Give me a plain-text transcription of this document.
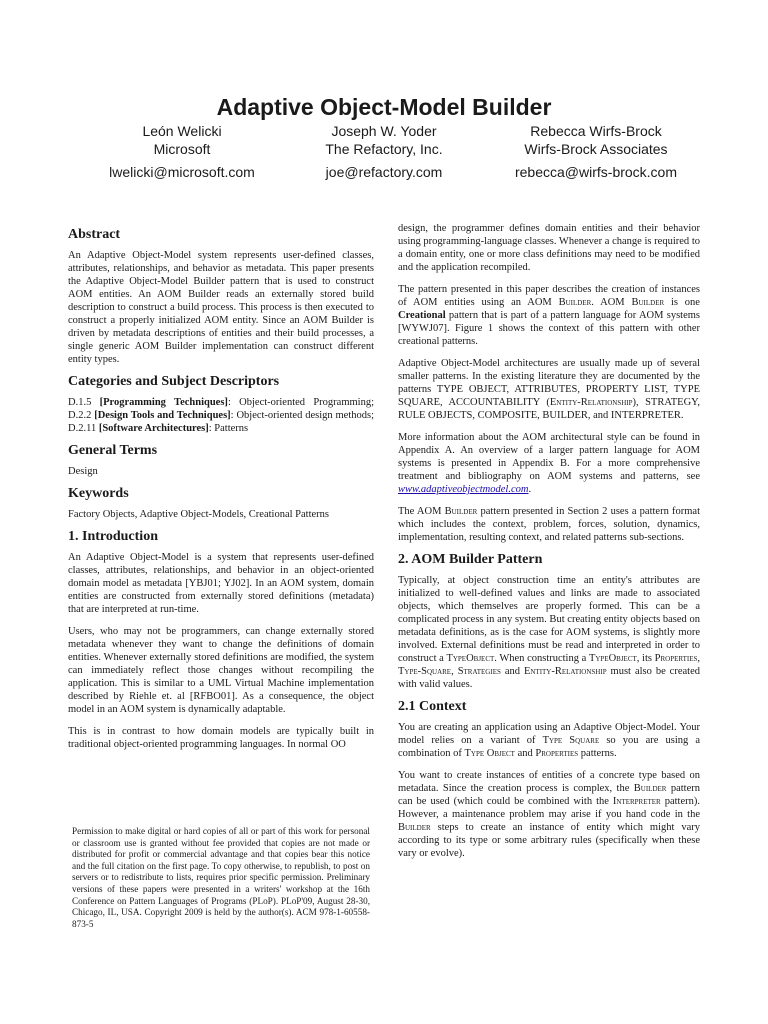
Adaptive Object-Model Builder
León Welicki
Microsoft
lwelicki@microsoft.com
Joseph W. Yoder
The Refactory, Inc.
joe@refactory.com
Rebecca Wirfs-Brock
Wirfs-Brock Associates
rebecca@wirfs-brock.com
Abstract

An Adaptive Object-Model system represents user-defined classes, attributes, relationships, and behavior as metadata. This paper presents the Adaptive Object-Model Builder pattern that is used to construct AOM entities. An AOM Builder reads an externally stored build description to construct a build process. This process is then executed to construct a properly initialized AOM entity. Since an AOM Builder is driven by metadata descriptions of entities and their build processes, a single generic AOM Builder implementation can construct different entity types.

Categories and Subject Descriptors

D.1.5 [Programming Techniques]: Object-oriented Programming; D.2.2 [Design Tools and Techniques]: Object-oriented design methods; D.2.11 [Software Architectures]: Patterns

General Terms

Design

Keywords

Factory Objects, Adaptive Object-Models, Creational Patterns

1. Introduction

An Adaptive Object-Model is a system that represents user-defined classes, attributes, relationships, and behavior in an object-oriented domain model as metadata [YBJ01; YJ02]. In an AOM system, domain entities are constructed from externally stored definitions (metadata) that are interpreted at run-time.

Users, who may not be programmers, can change externally stored metadata whenever they want to change the definitions of domain entities. Whenever externally stored definitions are modified, the system can immediately reflect those changes without recompiling the application. This is similar to a UML Virtual Machine implementation described by Riehle et. al [RFBO01]. As a consequence, the object model in an AOM system is dynamically adaptable.

This is in contrast to how domain models are typically built in traditional object-oriented programming languages. In normal OO

Permission to make digital or hard copies of all or part of this work for personal or classroom use is granted without fee provided that copies are not made or distributed for profit or commercial advantage and that copies bear this notice and the full citation on the first page. To copy otherwise, to republish, to post on servers or to redistribute to lists, requires prior specific permission. Preliminary versions of these papers were presented in a writers' workshop at the 16th Conference on Pattern Languages of Programs (PLoP). PLoP'09, August 28-30, Chicago, IL, USA. Copyright 2009 is held by the author(s). ACM 978-1-60558-873-5

design, the programmer defines domain entities and their behavior using programming-language classes. Whenever a change is required to a domain entity, one or more class definitions may need to be modified and the application recompiled.

The pattern presented in this paper describes the creation of instances of AOM entities using an AOM Builder. AOM Builder is one Creational pattern that is part of a pattern language for AOM systems [WYWJ07]. Figure 1 shows the context of this pattern with other creational patterns.

Adaptive Object-Model architectures are usually made up of several smaller patterns. In the existing literature they are documented by the patterns TYPE OBJECT, ATTRIBUTES, PROPERTY LIST, TYPE SQUARE, ACCOUNTABILITY (Entity-Relationship), STRATEGY, RULE OBJECTS, COMPOSITE, BUILDER, and INTERPRETER.

More information about the AOM architectural style can be found in Appendix A. An overview of a larger pattern language for AOM systems is presented in Appendix B. For a more comprehensive treatment and bibliography on AOM systems and patterns, see www.adaptiveobjectmodel.com.

The AOM Builder pattern presented in Section 2 uses a pattern format which includes the context, problem, forces, solution, dynamics, implementation, resulting context, and related patterns sub-sections.

2. AOM Builder Pattern

Typically, at object construction time an entity's attributes are initialized to well-defined values and links are made to associated objects, which themselves are properly formed. This can be a complicated process in any system. But creating entity objects based on metadata definitions, as is the case for AOM systems, is slightly more involved. External definitions must be read and interpreted in order to construct a TypeObject. When constructing a TypeObject, its Properties, Type-Square, Strategies and Entity-Relationship must also be created with valid values.

2.1 Context

You are creating an application using an Adaptive Object-Model. Your model relies on a variant of Type Square so you are using a combination of Type Object and Properties patterns.

You want to create instances of entities of a concrete type based on metadata. Since the creation process is complex, the Builder pattern can be used (which could be combined with the Interpreter pattern). However, a maintenance problem may arise if you hand code in the Builder steps to create an instance of entity which might vary according to its type or some arbitrary rules (specifically when these vary or evolve).
